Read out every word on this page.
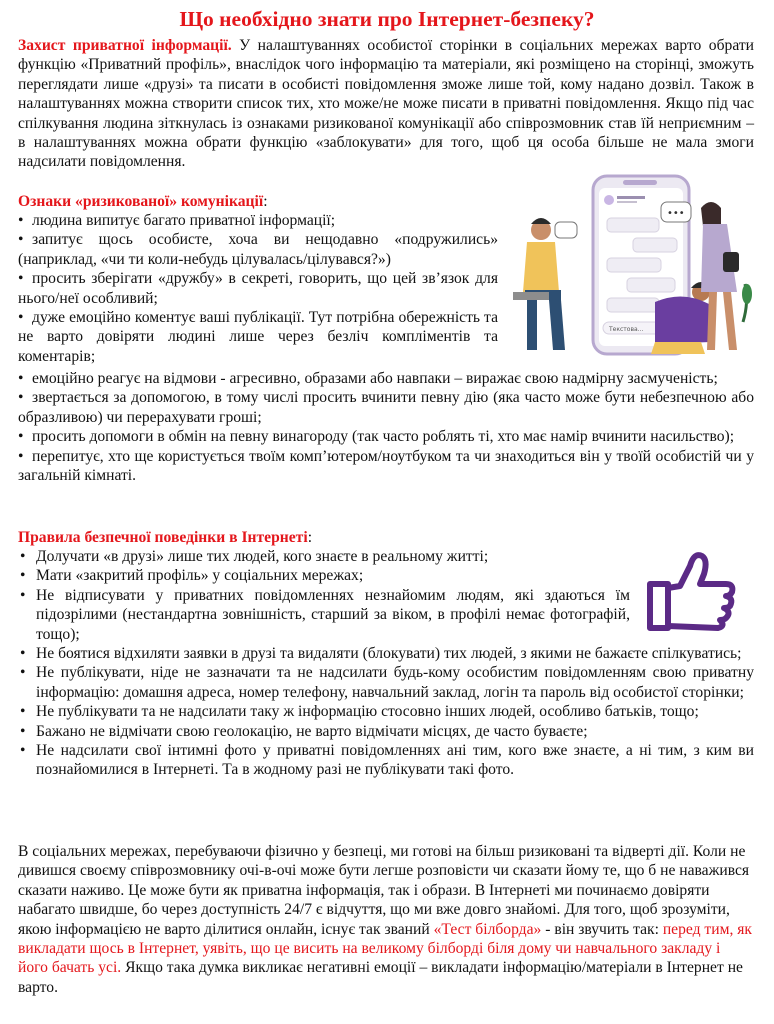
Що необхідно знати про Інтернет-безпеку?
Захист приватної інформації. У налаштуваннях особистої сторінки в соціальних мережах варто обрати функцію «Приватний профіль», внаслідок чого інформацію та матеріали, які розміщено на сторінці, зможуть переглядати лише «друзі» та писати в особисті повідомлення зможе лише той, кому надано дозвіл. Також в налаштуваннях можна створити список тих, хто може/не може писати в приватні повідомлення. Якщо під час спілкування людина зіткнулась із ознаками ризикованої комунікації або співрозмовник став їй неприємним – в налаштуваннях можна обрати функцію «заблокувати» для того, щоб ця особа більше не мала змоги надсилати повідомлення.
Ознаки «ризикованої» комунікації:
• людина випитує багато приватної інформації;
• запитує щось особисте, хоча ви нещодавно «подружились» (наприклад, «чи ти коли-небудь цілувалась/цілувався?»)
• просить зберігати «дружбу» в секреті, говорить, що цей зв’язок для нього/неї особливий;
• дуже емоційно коментує ваші публікації. Тут потрібна обережність та не варто довіряти людині лише через безліч компліментів та коментарів;
• емоційно реагує на відмови - агресивно, образами або навпаки – виражає свою надмірну засмученість;
• звертається за допомогою, в тому числі просить вчинити певну дію (яка часто може бути небезпечною або образливою) чи перерахувати гроші;
• просить допомоги в обмін на певну винагороду (так часто роблять ті, хто має намір вчинити насильство);
• перепитує, хто ще користується твоїм комп’ютером/ноутбуком та чи знаходиться він у твоїй особистій чи у загальній кімнаті.
Правила безпечної поведінки в Інтернеті:
• Долучати «в друзі» лише тих людей, кого знаєте в реальному житті;
• Мати «закритий профіль» у соціальних мережах;
• Не відписувати у приватних повідомленнях незнайомим людям, які здаються їм підозрілими (нестандартна зовнішність, старший за віком, в профілі немає фотографій, тощо);
• Не боятися відхиляти заявки в друзі та видаляти (блокувати) тих людей, з якими не бажаєте спілкуватись;
• Не публікувати, ніде не зазначати та не надсилати будь-кому особистим повідомленням свою приватну інформацію: домашня адреса, номер телефону, навчальний заклад, логін та пароль від особистої сторінки;
• Не публікувати та не надсилати таку ж інформацію стосовно інших людей, особливо батьків, тощо;
• Бажано не відмічати свою геолокацію, не варто відмічати місцях, де часто буваєте;
• Не надсилати свої інтимні фото у приватні повідомленнях ані тим, кого вже знаєте, а ні тим, з ким ви познайомилися в Інтернеті. Та в жодному разі не публікувати такі фото.
В соціальних мережах, перебуваючи фізично у безпеці, ми готові на більш ризиковані та відверті дії. Коли не дивишся своєму співрозмовнику очі-в-очі може бути легше розповісти чи сказати йому те, що б не наважився сказати наживо. Це може бути як приватна інформація, так і образи. В Інтернеті ми починаємо довіряти набагато швидше, бо через доступність 24/7 є відчуття, що ми вже довго знайомі. Для того, щоб зрозуміти, якою інформацією не варто ділитися онлайн, існує так званий «Тест білборда» - він звучить так: перед тим, як викладати щось в Інтернет, уявіть, що це висить на великому білборді біля дому чи навчального закладу і його бачать усі. Якщо така думка викликає негативні емоції – викладати інформацію/матеріали в Інтернет не варто.
Текстова...
•••
